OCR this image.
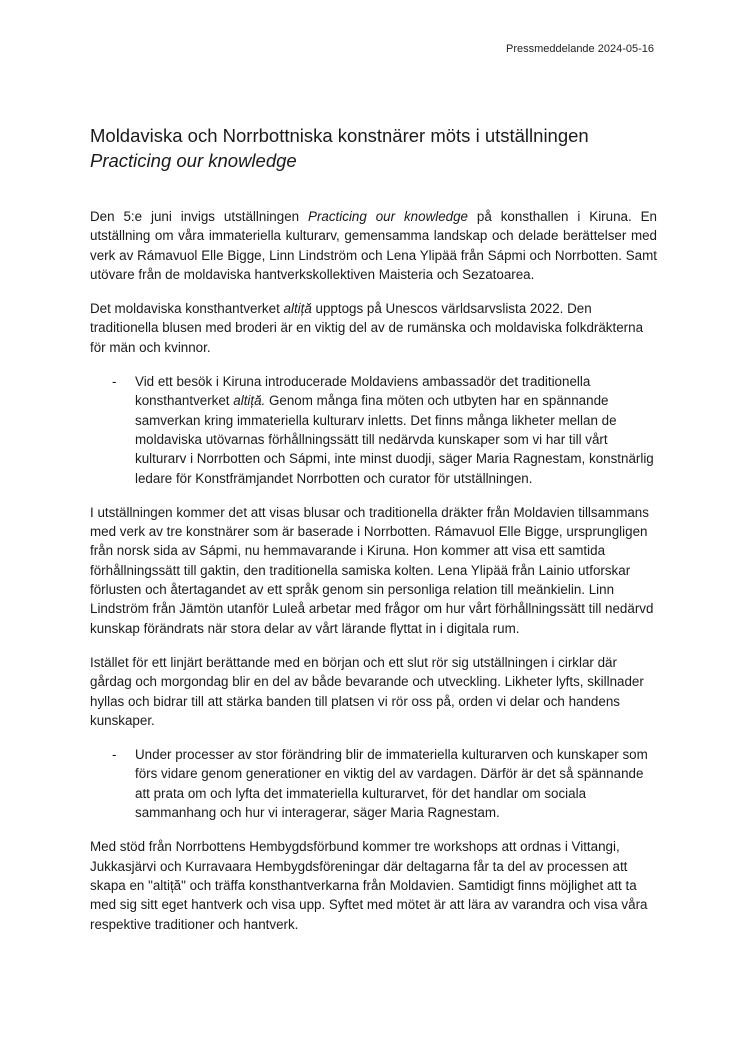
Pressmeddelande 2024-05-16
Moldaviska och Norrbottniska konstnärer möts i utställningen
Practicing our knowledge

Den 5:e juni invigs utställningen Practicing our knowledge på konsthallen i Kiruna. En utställning om våra immateriella kulturarv, gemensamma landskap och delade berättelser med verk av Rámavuol Elle Bigge, Linn Lindström och Lena Ylipää från Sápmi och Norrbotten. Samt utövare från de moldaviska hantverkskollektiven Maisteria och Sezatoarea.

Det moldaviska konsthantverket altiță upptogs på Unescos världsarvslista 2022. Den traditionella blusen med broderi är en viktig del av de rumänska och moldaviska folkdräkterna för män och kvinnor.

-	Vid ett besök i Kiruna introducerade Moldaviens ambassadör det traditionella konsthantverket altiță. Genom många fina möten och utbyten har en spännande samverkan kring immateriella kulturarv inletts. Det finns många likheter mellan de moldaviska utövarnas förhållningssätt till nedärvda kunskaper som vi har till vårt kulturarv i Norrbotten och Sápmi, inte minst duodji, säger Maria Ragnestam, konstnärlig ledare för Konstfrämjandet Norrbotten och curator för utställningen.

I utställningen kommer det att visas blusar och traditionella dräkter från Moldavien tillsammans med verk av tre konstnärer som är baserade i Norrbotten. Rámavuol Elle Bigge, ursprungligen från norsk sida av Sápmi, nu hemmavarande i Kiruna. Hon kommer att visa ett samtida förhållningssätt till gaktin, den traditionella samiska kolten. Lena Ylipää från Lainio utforskar förlusten och återtagandet av ett språk genom sin personliga relation till meänkielin. Linn Lindström från Jämtön utanför Luleå arbetar med frågor om hur vårt förhållningssätt till nedärvd kunskap förändrats när stora delar av vårt lärande flyttat in i digitala rum.

Istället för ett linjärt berättande med en början och ett slut rör sig utställningen i cirklar där gårdag och morgondag blir en del av både bevarande och utveckling. Likheter lyfts, skillnader hyllas och bidrar till att stärka banden till platsen vi rör oss på, orden vi delar och handens kunskaper.

-	Under processer av stor förändring blir de immateriella kulturarven och kunskaper som förs vidare genom generationer en viktig del av vardagen. Därför är det så spännande att prata om och lyfta det immateriella kulturarvet, för det handlar om sociala sammanhang och hur vi interagerar, säger Maria Ragnestam.

Med stöd från Norrbottens Hembygdsförbund kommer tre workshops att ordnas i Vittangi, Jukkasjärvi och Kurravaara Hembygdsföreningar där deltagarna får ta del av processen att skapa en "altiță" och träffa konsthantverkarna från Moldavien. Samtidigt finns möjlighet att ta med sig sitt eget hantverk och visa upp. Syftet med mötet är att lära av varandra och visa våra respektive traditioner och hantverk.
